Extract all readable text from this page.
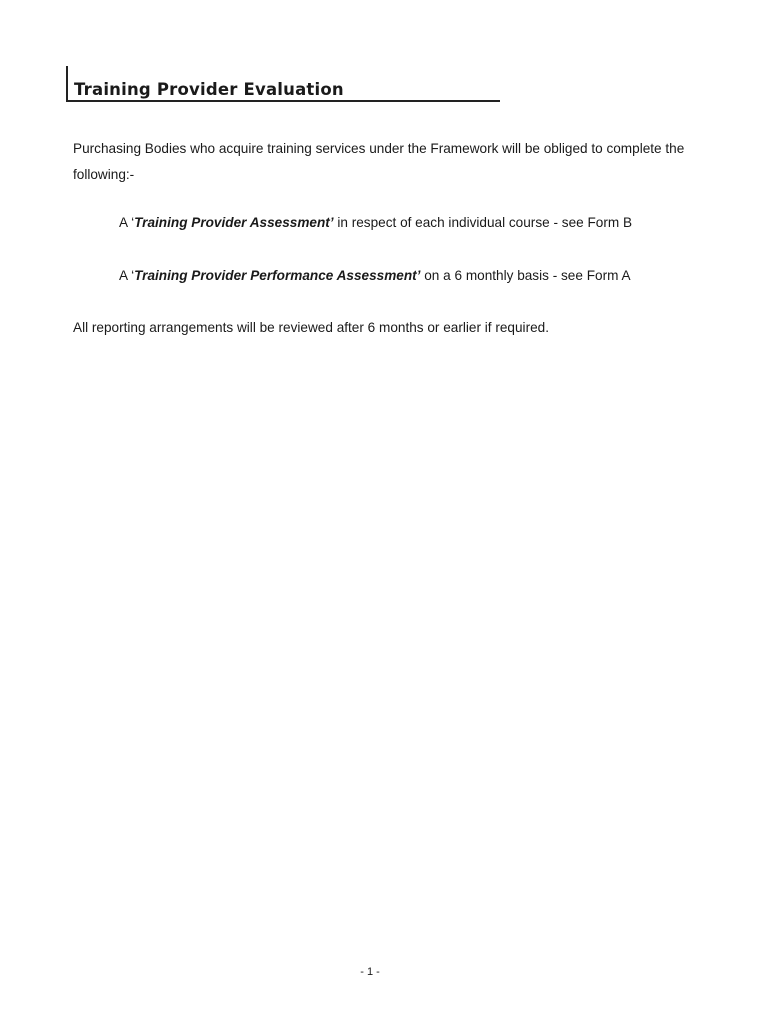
Training Provider Evaluation
Purchasing Bodies who acquire training services under the Framework will be obliged to complete the following:-
A ‘Training Provider Assessment’ in respect of each individual course - see Form B
A ‘Training Provider Performance Assessment’ on a 6 monthly basis - see Form A
All reporting arrangements will be reviewed after 6 months or earlier if required.
- 1 -
